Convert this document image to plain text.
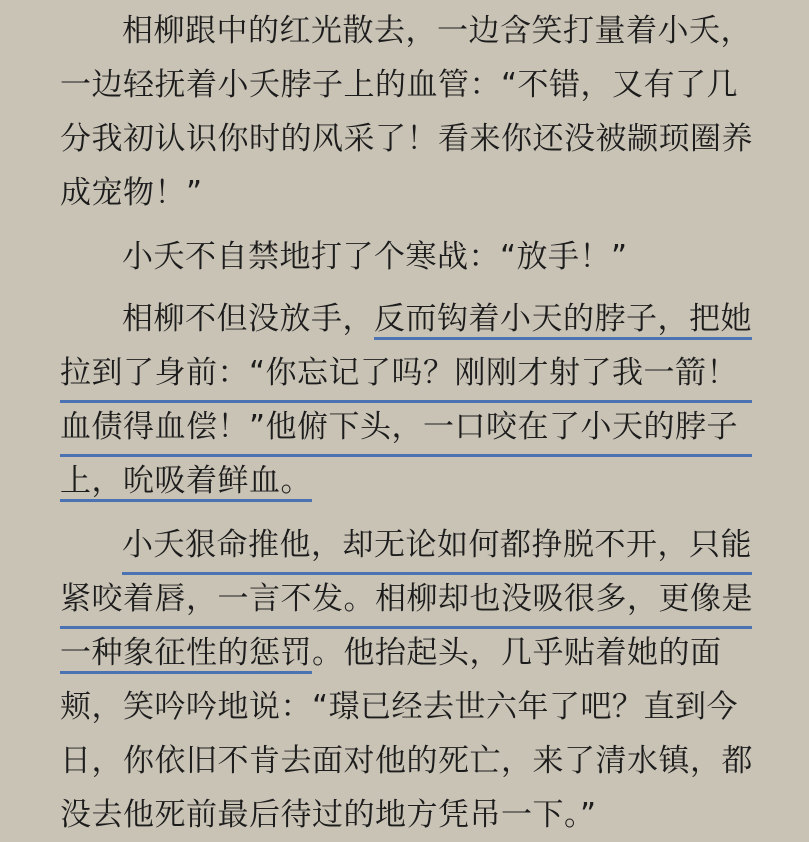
相柳跟中的红光散去，一边含笑打量着小夭，
一边轻抚着小夭脖子上的血管：“不错，又有了几
分我初认识你时的风采了！看来你还没被颛顼圈养
成宠物！”
小夭不自禁地打了个寒战：“放手！”
相柳不但没放手，反而钩着小天的脖子，把她
拉到了身前：“你忘记了吗？刚刚才射了我一箭！
血债得血偿！”他俯下头，一口咬在了小天的脖子
上，吮吸着鲜血。
小夭狠命推他，却无论如何都挣脱不开，只能
紧咬着唇，一言不发。相柳却也没吸很多，更像是
一种象征性的惩罚。他抬起头，几乎贴着她的面
颊，笑吟吟地说：“璟已经去世六年了吧？直到今
日，你依旧不肯去面对他的死亡，来了清水镇，都
没去他死前最后待过的地方凭吊一下。”
